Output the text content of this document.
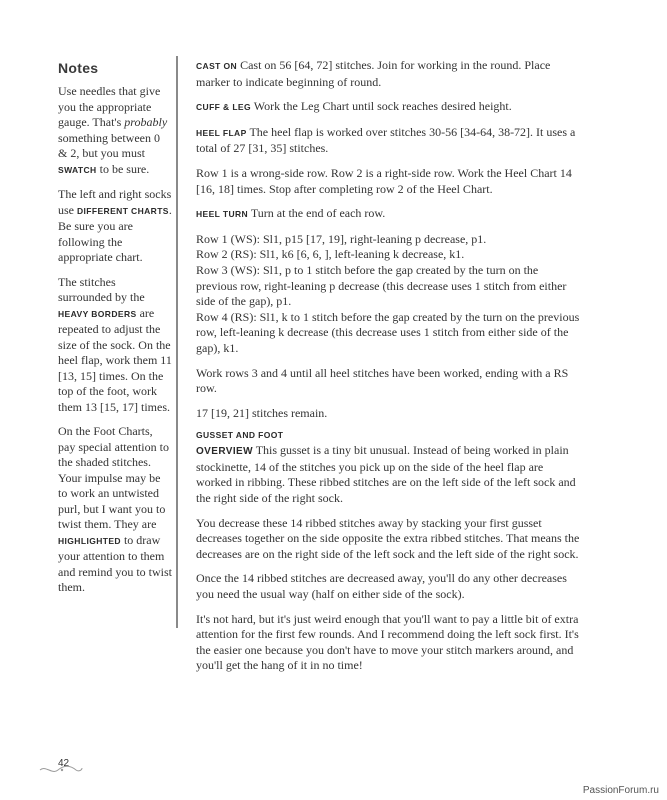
Notes

Use needles that give you the appropriate gauge. That's probably something between 0 & 2, but you must SWATCH to be sure.

The left and right socks use DIFFERENT CHARTS. Be sure you are following the appropriate chart.

The stitches surrounded by the HEAVY BORDERS are repeated to adjust the size of the sock. On the heel flap, work them 11 [13, 15] times. On the top of the foot, work them 13 [15, 17] times.

On the Foot Charts, pay special attention to the shaded stitches. Your impulse may be to work an untwisted purl, but I want you to twist them. They are HIGHLIGHTED to draw your attention to them and remind you to twist them.

CAST ON Cast on 56 [64, 72] stitches. Join for working in the round. Place marker to indicate beginning of round.

CUFF & LEG Work the Leg Chart until sock reaches desired height.

HEEL FLAP The heel flap is worked over stitches 30-56 [34-64, 38-72]. It uses a total of 27 [31, 35] stitches.

Row 1 is a wrong-side row. Row 2 is a right-side row. Work the Heel Chart 14 [16, 18] times. Stop after completing row 2 of the Heel Chart.

HEEL TURN Turn at the end of each row.

Row 1 (WS): Sl1, p15 [17, 19], right-leaning p decrease, p1.

Row 2 (RS): Sl1, k6 [6, 6, ], left-leaning k decrease, k1.

Row 3 (WS): Sl1, p to 1 stitch before the gap created by the turn on the previous row, right-leaning p decrease (this decrease uses 1 stitch from either side of the gap), p1.

Row 4 (RS): Sl1, k to 1 stitch before the gap created by the turn on the previous row, left-leaning k decrease (this decrease uses 1 stitch from either side of the gap), k1.

Work rows 3 and 4 until all heel stitches have been worked, ending with a RS row.

17 [19, 21] stitches remain.

GUSSET AND FOOT

OVERVIEW This gusset is a tiny bit unusual. Instead of being worked in plain stockinette, 14 of the stitches you pick up on the side of the heel flap are worked in ribbing. These ribbed stitches are on the left side of the left sock and the right side of the right sock.

You decrease these 14 ribbed stitches away by stacking your first gusset decreases together on the side opposite the extra ribbed stitches. That means the decreases are on the right side of the left sock and the left side of the right sock.

Once the 14 ribbed stitches are decreased away, you'll do any other decreases you need the usual way (half on either side of the sock).

It's not hard, but it's just weird enough that you'll want to pay a little bit of extra attention for the first few rounds. And I recommend doing the left sock first. It's the easier one because you don't have to move your stitch markers around, and you'll get the hang of it in no time!

42
PassionForum.ru
